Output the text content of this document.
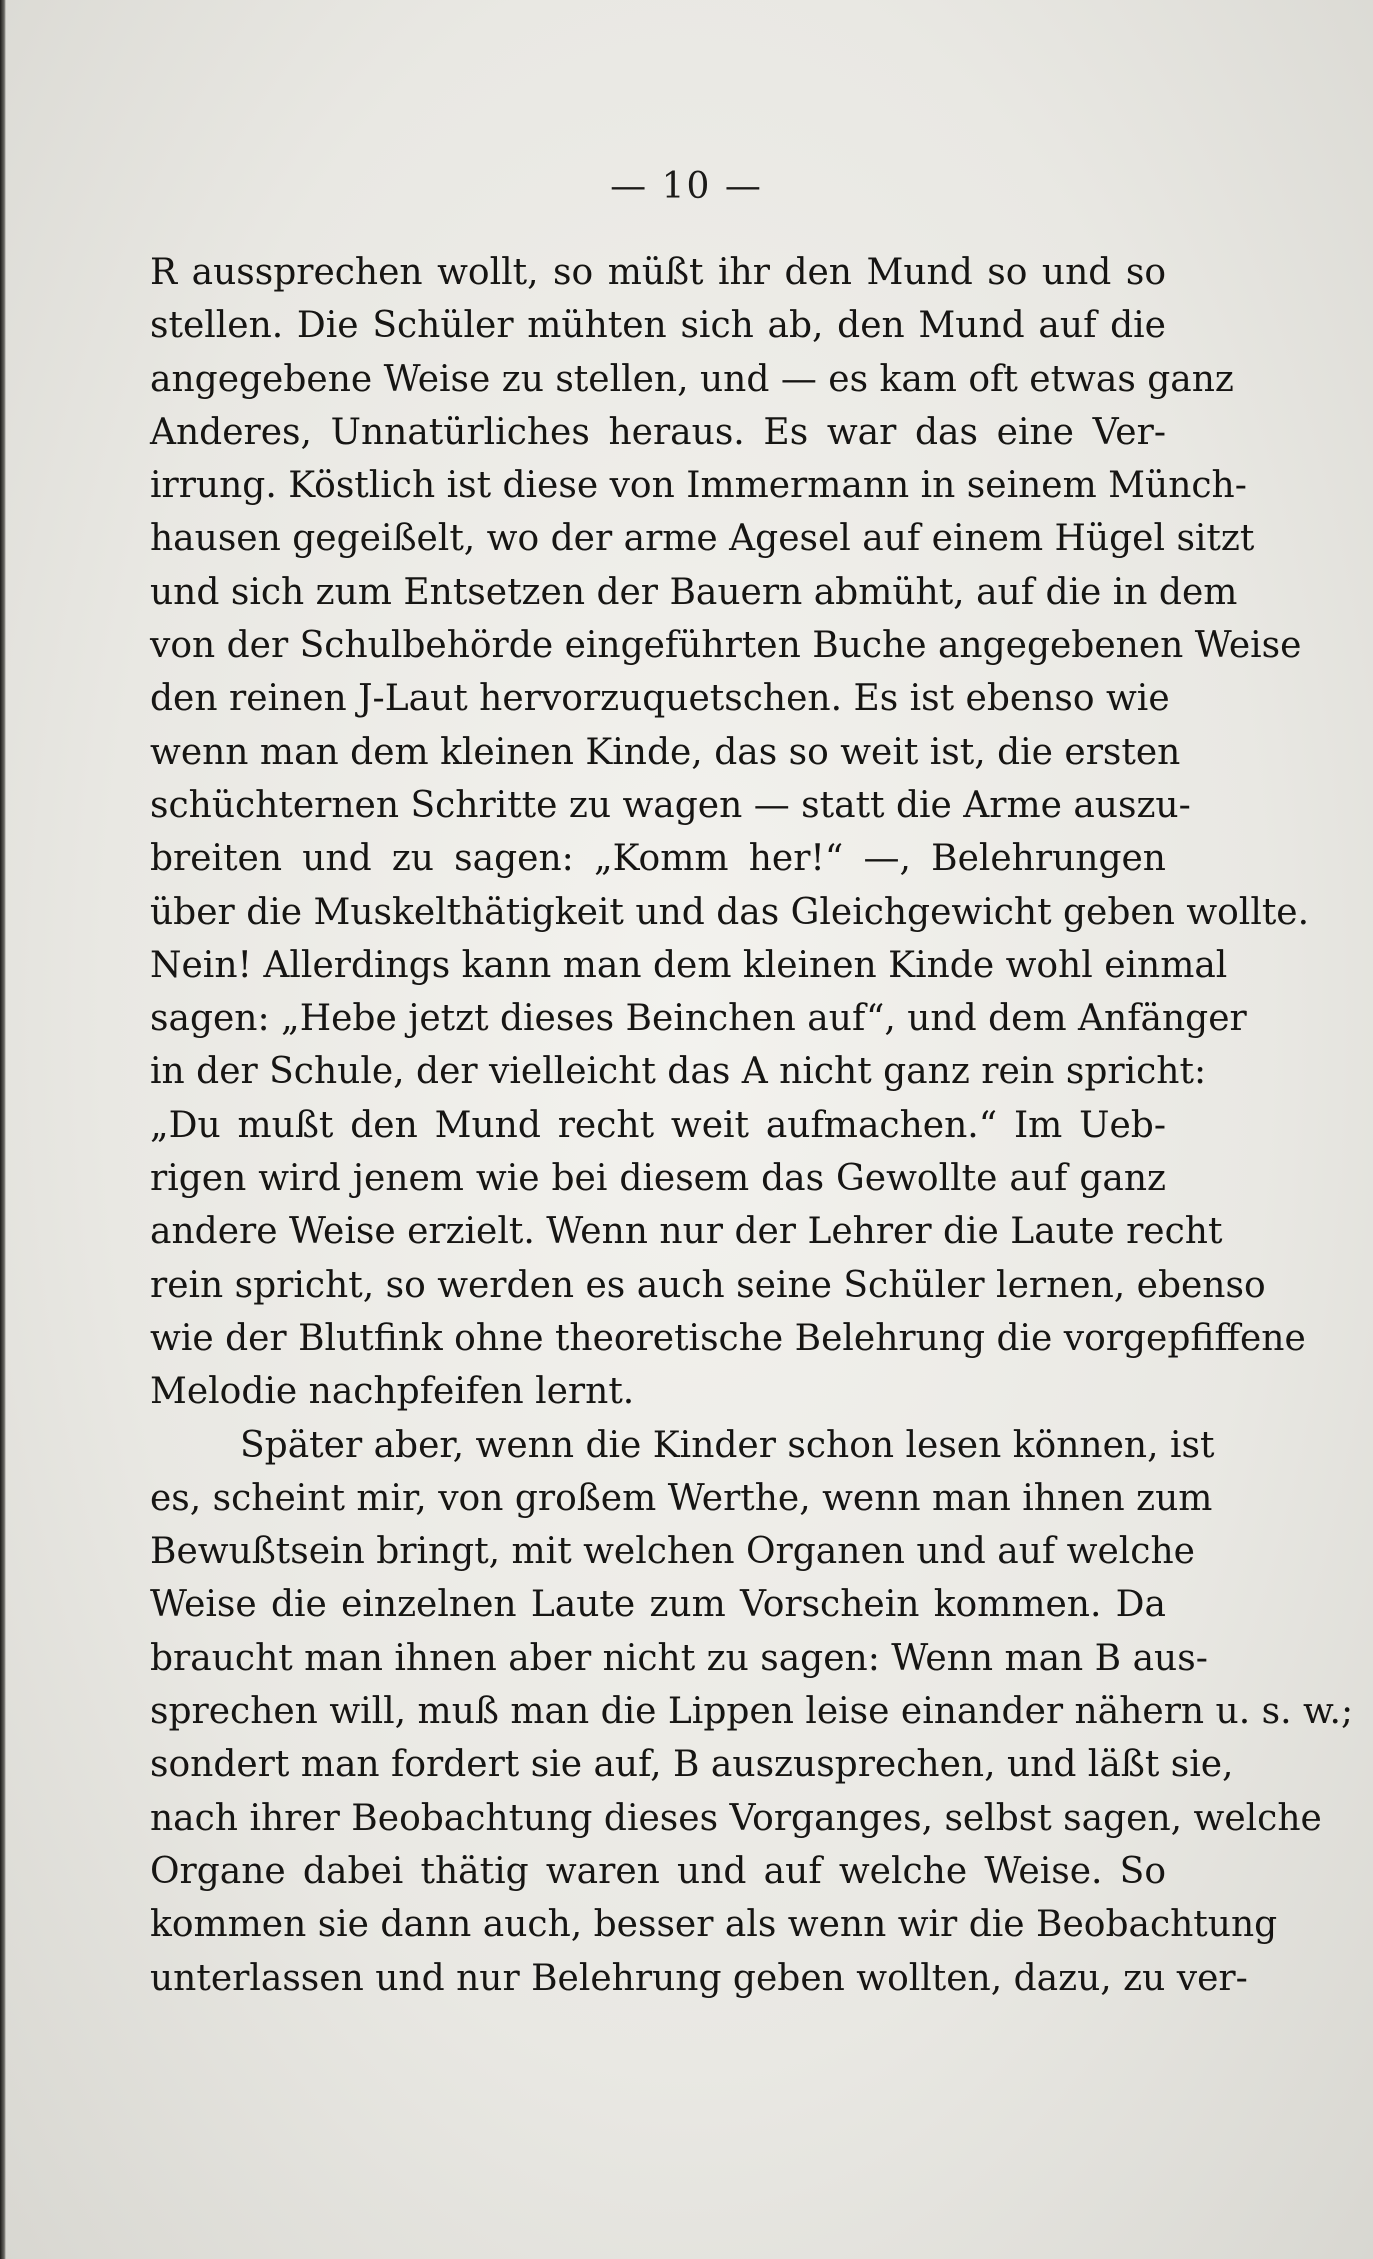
— 10 —
R aussprechen wollt, so müßt ihr den Mund so und so
stellen. Die Schüler mühten sich ab, den Mund auf die
angegebene Weise zu stellen, und — es kam oft etwas ganz
Anderes, Unnatürliches heraus. Es war das eine Ver-
irrung. Köstlich ist diese von Immermann in seinem Münch-
hausen gegeißelt, wo der arme Agesel auf einem Hügel sitzt
und sich zum Entsetzen der Bauern abmüht, auf die in dem
von der Schulbehörde eingeführten Buche angegebenen Weise
den reinen J-Laut hervorzuquetschen. Es ist ebenso wie
wenn man dem kleinen Kinde, das so weit ist, die ersten
schüchternen Schritte zu wagen — statt die Arme auszu-
breiten und zu sagen: „Komm her!“ —, Belehrungen
über die Muskelthätigkeit und das Gleichgewicht geben wollte.
Nein! Allerdings kann man dem kleinen Kinde wohl einmal
sagen: „Hebe jetzt dieses Beinchen auf“, und dem Anfänger
in der Schule, der vielleicht das A nicht ganz rein spricht:
„Du mußt den Mund recht weit aufmachen.“ Im Ueb-
rigen wird jenem wie bei diesem das Gewollte auf ganz
andere Weise erzielt. Wenn nur der Lehrer die Laute recht
rein spricht, so werden es auch seine Schüler lernen, ebenso
wie der Blutfink ohne theoretische Belehrung die vorgepfiffene
Melodie nachpfeifen lernt.
Später aber, wenn die Kinder schon lesen können, ist
es, scheint mir, von großem Werthe, wenn man ihnen zum
Bewußtsein bringt, mit welchen Organen und auf welche
Weise die einzelnen Laute zum Vorschein kommen. Da
braucht man ihnen aber nicht zu sagen: Wenn man B aus-
sprechen will, muß man die Lippen leise einander nähern u. s. w.;
sondert man fordert sie auf, B auszusprechen, und läßt sie,
nach ihrer Beobachtung dieses Vorganges, selbst sagen, welche
Organe dabei thätig waren und auf welche Weise. So
kommen sie dann auch, besser als wenn wir die Beobachtung
unterlassen und nur Belehrung geben wollten, dazu, zu ver-
